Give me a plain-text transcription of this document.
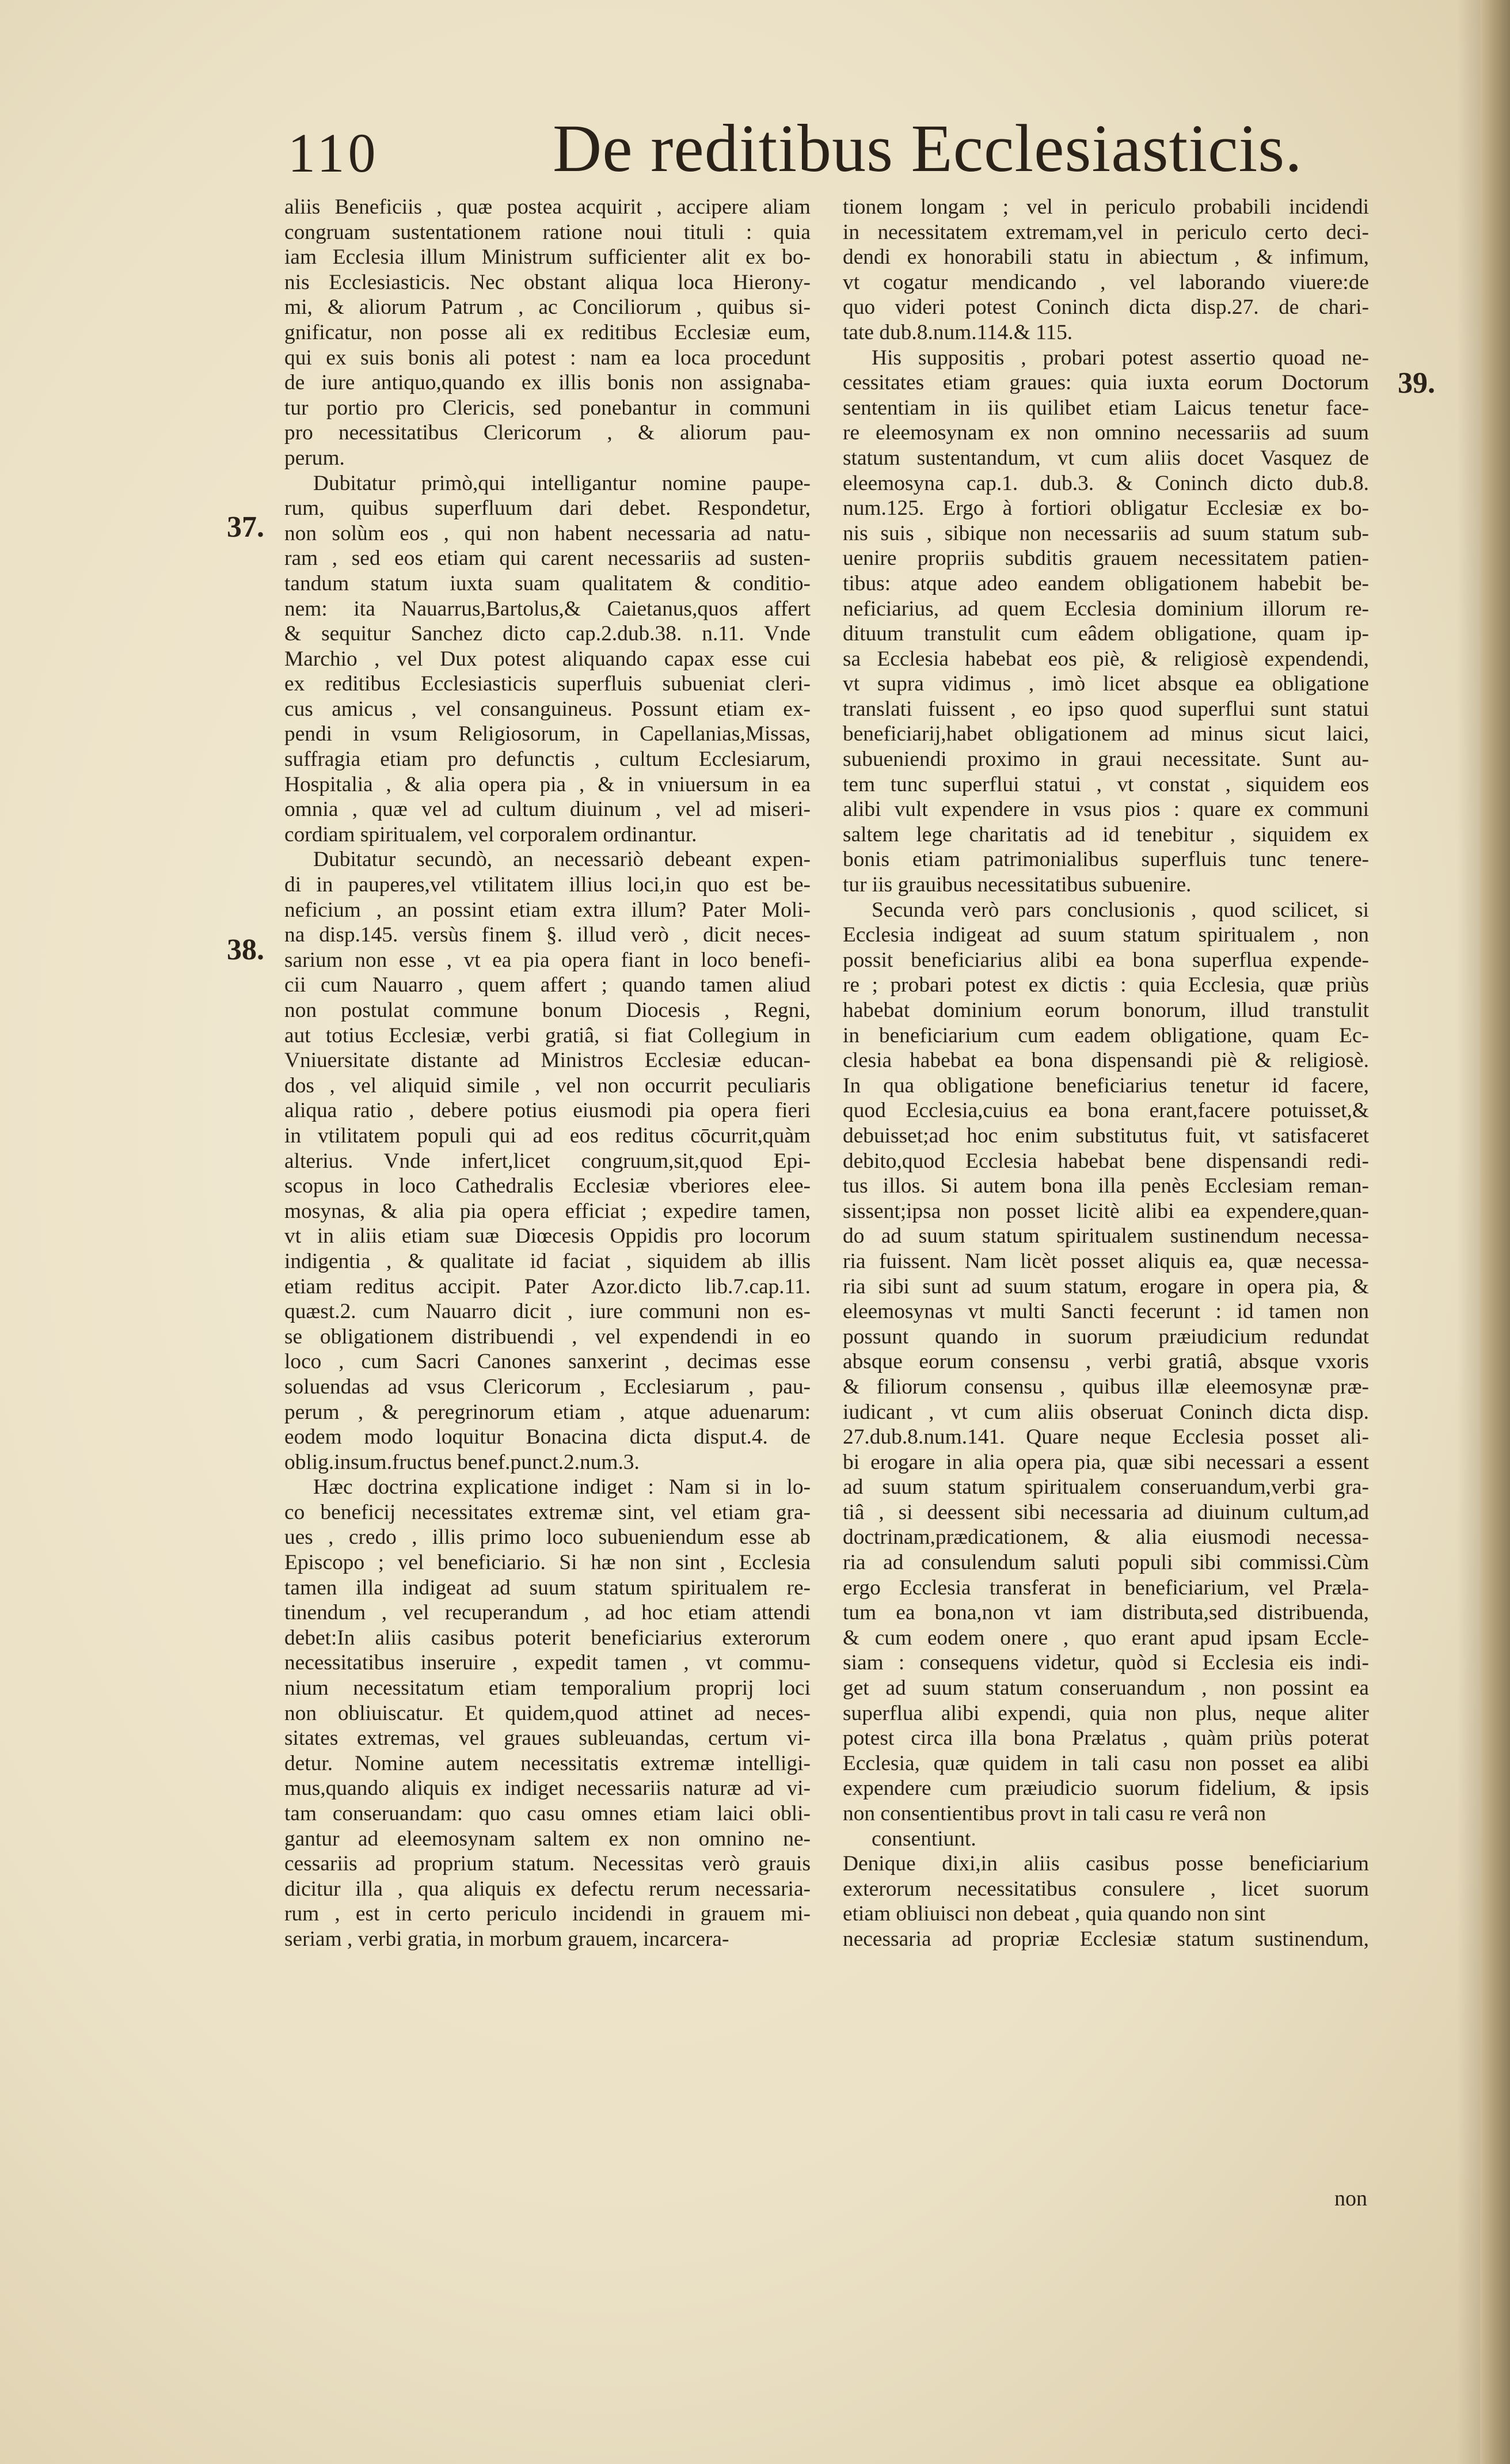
110	De reditibus Ecclesiasticis.
37.
38.
39.
aliis Beneficiis , quæ postea acquirit , accipere aliam
congruam sustentationem ratione noui tituli : quia
iam Ecclesia illum Ministrum sufficienter alit ex bo-
nis Ecclesiasticis. Nec obstant aliqua loca Hierony-
mi, & aliorum Patrum , ac Conciliorum , quibus si-
gnificatur, non posse ali ex reditibus Ecclesiæ eum,
qui ex suis bonis ali potest : nam ea loca procedunt
de iure antiquo,quando ex illis bonis non assignaba-
tur portio pro Clericis, sed ponebantur in communi
pro necessitatibus Clericorum , & aliorum pau-
perum.
Dubitatur primò,qui intelligantur nomine paupe-
rum, quibus superfluum dari debet. Respondetur,
non solùm eos , qui non habent necessaria ad natu-
ram , sed eos etiam qui carent necessariis ad susten-
tandum statum iuxta suam qualitatem & conditio-
nem: ita Nauarrus,Bartolus,& Caietanus,quos affert
& sequitur Sanchez dicto cap.2.dub.38. n.11. Vnde
Marchio , vel Dux potest aliquando capax esse cui
ex reditibus Ecclesiasticis superfluis subueniat cleri-
cus amicus , vel consanguineus. Possunt etiam ex-
pendi in vsum Religiosorum, in Capellanias,Missas,
suffragia etiam pro defunctis , cultum Ecclesiarum,
Hospitalia , & alia opera pia , & in vniuersum in ea
omnia , quæ vel ad cultum diuinum , vel ad miseri-
cordiam spiritualem, vel corporalem ordinantur.
Dubitatur secundò, an necessariò debeant expen-
di in pauperes,vel vtilitatem illius loci,in quo est be-
neficium , an possint etiam extra illum? Pater Moli-
na disp.145. versùs finem §. illud verò , dicit neces-
sarium non esse , vt ea pia opera fiant in loco benefi-
cii cum Nauarro , quem affert ; quando tamen aliud
non postulat commune bonum Diocesis , Regni,
aut totius Ecclesiæ, verbi gratiâ, si fiat Collegium in
Vniuersitate distante ad Ministros Ecclesiæ educan-
dos , vel aliquid simile , vel non occurrit peculiaris
aliqua ratio , debere potius eiusmodi pia opera fieri
in vtilitatem populi qui ad eos reditus cōcurrit,quàm
alterius. Vnde infert,licet congruum,sit,quod Epi-
scopus in loco Cathedralis Ecclesiæ vberiores elee-
mosynas, & alia pia opera efficiat ; expedire tamen,
vt in aliis etiam suæ Diœcesis Oppidis pro locorum
indigentia , & qualitate id faciat , siquidem ab illis
etiam reditus accipit. Pater Azor.dicto lib.7.cap.11.
quæst.2. cum Nauarro dicit , iure communi non es-
se obligationem distribuendi , vel expendendi in eo
loco , cum Sacri Canones sanxerint , decimas esse
soluendas ad vsus Clericorum , Ecclesiarum , pau-
perum , & peregrinorum etiam , atque aduenarum:
eodem modo loquitur Bonacina dicta disput.4. de
oblig.insum.fructus benef.punct.2.num.3.
Hæc doctrina explicatione indiget : Nam si in lo-
co beneficij necessitates extremæ sint, vel etiam gra-
ues , credo , illis primo loco subueniendum esse ab
Episcopo ; vel beneficiario. Si hæ non sint , Ecclesia
tamen illa indigeat ad suum statum spiritualem re-
tinendum , vel recuperandum , ad hoc etiam attendi
debet:In aliis casibus poterit beneficiarius exterorum
necessitatibus inseruire , expedit tamen , vt commu-
nium necessitatum etiam temporalium proprij loci
non obliuiscatur. Et quidem,quod attinet ad neces-
sitates extremas, vel graues subleuandas, certum vi-
detur. Nomine autem necessitatis extremæ intelligi-
mus,quando aliquis ex indiget necessariis naturæ ad vi-
tam conseruandam: quo casu omnes etiam laici obli-
gantur ad eleemosynam saltem ex non omnino ne-
cessariis ad proprium statum. Necessitas verò grauis
dicitur illa , qua aliquis ex defectu rerum necessaria-
rum , est in certo periculo incidendi in grauem mi-
seriam , verbi gratia, in morbum grauem, incarcera-
tionem longam ; vel in periculo probabili incidendi
in necessitatem extremam,vel in periculo certo deci-
dendi ex honorabili statu in abiectum , & infimum,
vt cogatur mendicando , vel laborando viuere:de
quo videri potest Coninch dicta disp.27. de chari-
tate dub.8.num.114.& 115.
His suppositis , probari potest assertio quoad ne-
cessitates etiam graues: quia iuxta eorum Doctorum
sententiam in iis quilibet etiam Laicus tenetur face-
re eleemosynam ex non omnino necessariis ad suum
statum sustentandum, vt cum aliis docet Vasquez de
eleemosyna cap.1. dub.3. & Coninch dicto dub.8.
num.125. Ergo à fortiori obligatur Ecclesiæ ex bo-
nis suis , sibique non necessariis ad suum statum sub-
uenire propriis subditis grauem necessitatem patien-
tibus: atque adeo eandem obligationem habebit be-
neficiarius, ad quem Ecclesia dominium illorum re-
dituum transtulit cum eâdem obligatione, quam ip-
sa Ecclesia habebat eos piè, & religiosè expendendi,
vt supra vidimus , imò licet absque ea obligatione
translati fuissent , eo ipso quod superflui sunt statui
beneficiarij,habet obligationem ad minus sicut laici,
subueniendi proximo in graui necessitate. Sunt au-
tem tunc superflui statui , vt constat , siquidem eos
alibi vult expendere in vsus pios : quare ex communi
saltem lege charitatis ad id tenebitur , siquidem ex
bonis etiam patrimonialibus superfluis tunc tenere-
tur iis grauibus necessitatibus subuenire.
Secunda verò pars conclusionis , quod scilicet, si
Ecclesia indigeat ad suum statum spiritualem , non
possit beneficiarius alibi ea bona superflua expende-
re ; probari potest ex dictis : quia Ecclesia, quæ priùs
habebat dominium eorum bonorum, illud transtulit
in beneficiarium cum eadem obligatione, quam Ec-
clesia habebat ea bona dispensandi piè & religiosè.
In qua obligatione beneficiarius tenetur id facere,
quod Ecclesia,cuius ea bona erant,facere potuisset,&
debuisset;ad hoc enim substitutus fuit, vt satisfaceret
debito,quod Ecclesia habebat bene dispensandi redi-
tus illos. Si autem bona illa penès Ecclesiam reman-
sissent;ipsa non posset licitè alibi ea expendere,quan-
do ad suum statum spiritualem sustinendum necessa-
ria fuissent. Nam licèt posset aliquis ea, quæ necessa-
ria sibi sunt ad suum statum, erogare in opera pia, &
eleemosynas vt multi Sancti fecerunt : id tamen non
possunt quando in suorum præiudicium redundat
absque eorum consensu , verbi gratiâ, absque vxoris
& filiorum consensu , quibus illæ eleemosynæ præ-
iudicant , vt cum aliis obseruat Coninch dicta disp.
27.dub.8.num.141. Quare neque Ecclesia posset ali-
bi erogare in alia opera pia, quæ sibi necessari a essent
ad suum statum spiritualem conseruandum,verbi gra-
tiâ , si deessent sibi necessaria ad diuinum cultum,ad
doctrinam,prædicationem, & alia eiusmodi necessa-
ria ad consulendum saluti populi sibi commissi.Cùm
ergo Ecclesia transferat in beneficiarium, vel Præla-
tum ea bona,non vt iam distributa,sed distribuenda,
& cum eodem onere , quo erant apud ipsam Eccle-
siam : consequens videtur, quòd si Ecclesia eis indi-
get ad suum statum conseruandum , non possint ea
superflua alibi expendi, quia non plus, neque aliter
potest circa illa bona Prælatus , quàm priùs poterat
Ecclesia, quæ quidem in tali casu non posset ea alibi
expendere cum præiudicio suorum fidelium, & ipsis
non consentientibus provt in tali casu re verâ non
consentiunt.
Denique dixi,in aliis casibus posse beneficiarium
exterorum necessitatibus consulere , licet suorum
etiam obliuisci non debeat , quia quando non sint
necessaria ad propriæ Ecclesiæ statum sustinendum,
non
